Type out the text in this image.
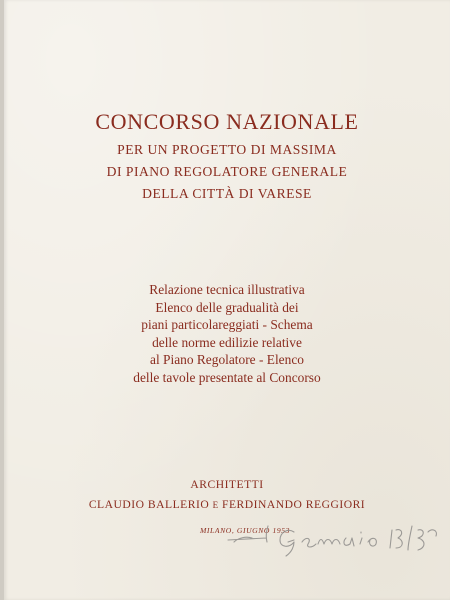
CONCORSO NAZIONALE
PER UN PROGETTO DI MASSIMA
DI PIANO REGOLATORE GENERALE
DELLA CITTÀ DI VARESE
Relazione tecnica illustrativa
Elenco delle gradualità dei
piani particolareggiati - Schema
delle norme edilizie relative
al Piano Regolatore - Elenco
delle tavole presentate al Concorso
ARCHITETTI
CLAUDIO BALLERIO E FERDINANDO REGGIORI
MILANO, GIUGNO 1953
